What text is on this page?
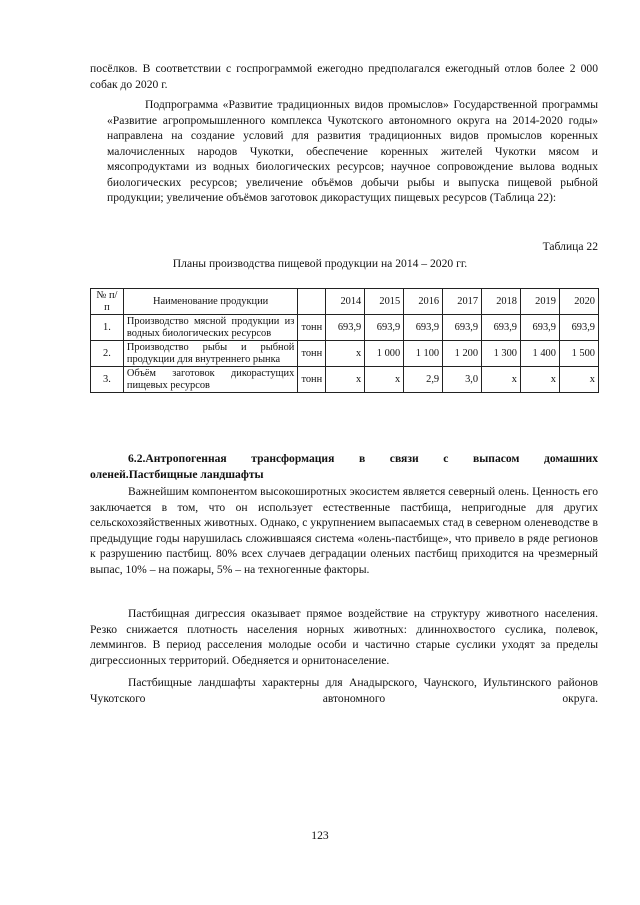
посёлков. В соответствии с госпрограммой ежегодно предполагался ежегодный отлов более 2 000 собак до 2020 г.

Подпрограмма «Развитие традиционных видов промыслов» Государственной программы «Развитие агропромышленного комплекса Чукотского автономного округа на 2014-2020 годы» направлена на создание условий для развития традиционных видов промыслов коренных малочисленных народов Чукотки, обеспечение коренных жителей Чукотки мясом и мясопродуктами из водных биологических ресурсов; научное сопровождение вылова водных биологических ресурсов; увеличение объёмов добычи рыбы и выпуска пищевой рыбной продукции; увеличение объёмов заготовок дикорастущих пищевых ресурсов (Таблица 22):

Таблица 22
Планы производства пищевой продукции на 2014 – 2020 гг.
№ п/п	Наименование продукции		2014	2015	2016	2017	2018	2019	2020
1.	Производство мясной продукции из водных биологических ресурсов	тонн	693,9	693,9	693,9	693,9	693,9	693,9	693,9
2.	Производство рыбы и рыбной продукции для внутреннего рынка	тонн	х	1 000	1 100	1 200	1 300	1 400	1 500
3.	Объём заготовок дикорастущих пищевых ресурсов	тонн	х	х	2,9	3,0	х	х	х
6.2.Антропогенная трансформация в связи с выпасом домашних
оленей.Пастбищные ландшафты

Важнейшим компонентом высокоширотных экосистем является северный олень. Ценность его заключается в том, что он использует естественные пастбища, непригодные для других сельскохозяйственных животных. Однако, с укрупнением выпасаемых стад в северном оленеводстве в предыдущие годы нарушилась сложившаяся система «олень-пастбище», что привело в ряде регионов к разрушению пастбищ. 80% всех случаев деградации оленьих пастбищ приходится на чрезмерный выпас, 10% – на пожары, 5% – на техногенные факторы.

Пастбищная дигрессия оказывает прямое воздействие на структуру животного населения. Резко снижается плотность населения норных животных: длиннохвостого суслика, полевок, леммингов. В период расселения молодые особи и частично старые суслики уходят за пределы дигрессионных территорий. Обедняется и орнитонаселение.

Пастбищные ландшафты характерны для Анадырского, Чаунского, Иультинского районов Чукотского автономного округа.

123
